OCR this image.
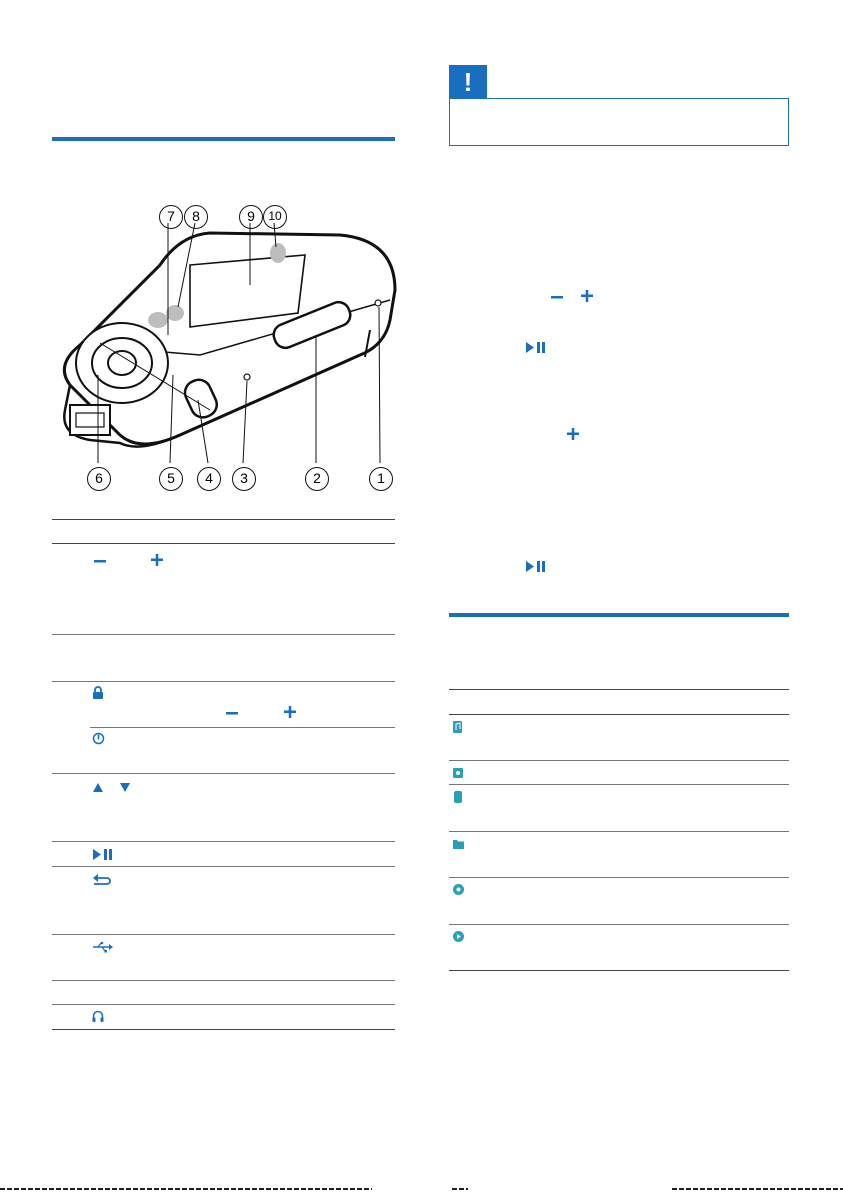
7	8	9	10
6	5	4	3	2	1
!
